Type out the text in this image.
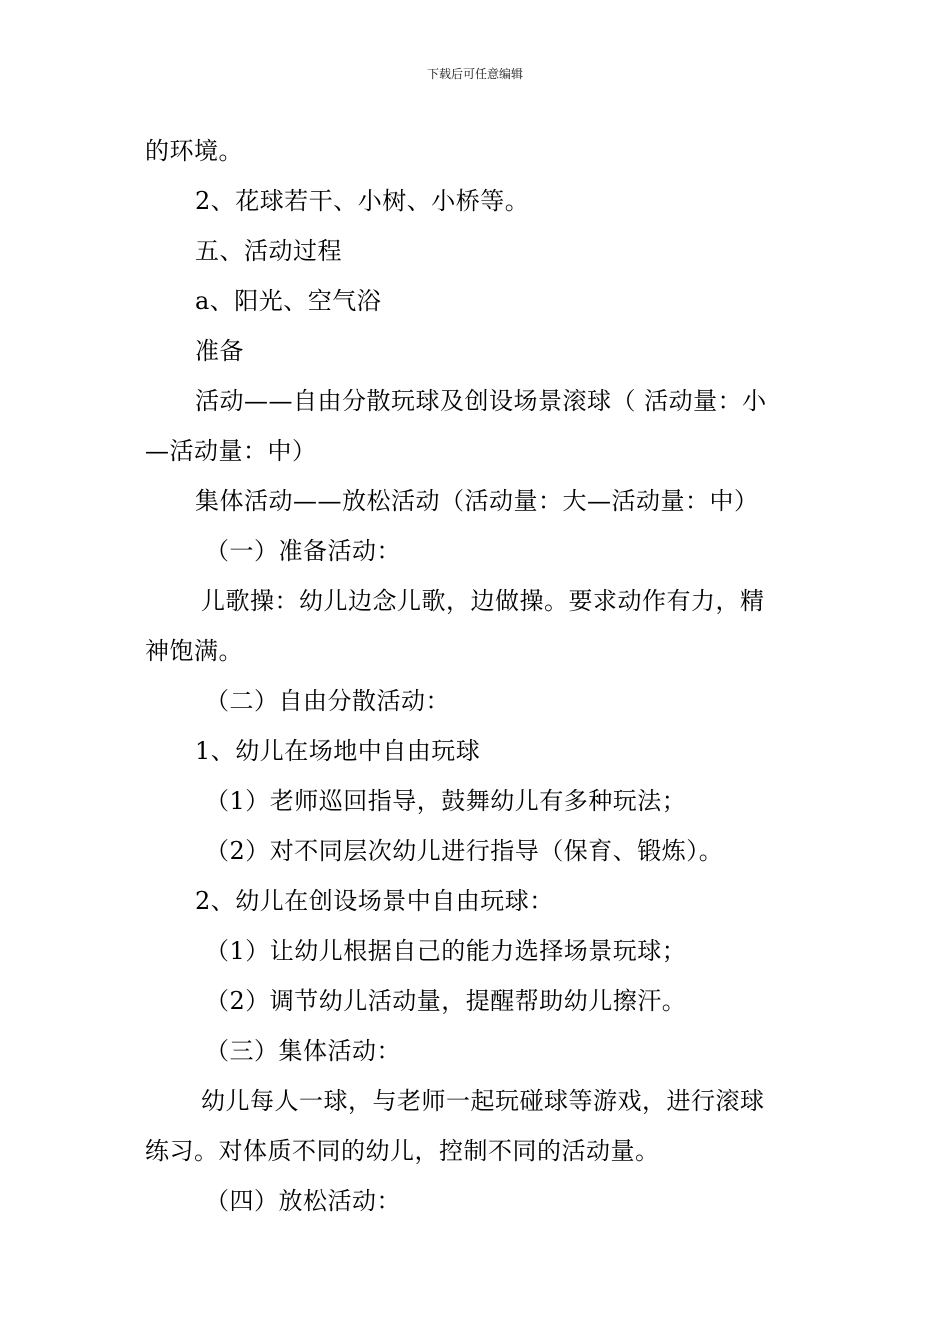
下载后可任意编辑
的环境。
2、花球若干、小树、小桥等。
五、活动过程
a、阳光、空气浴
准备
活动——自由分散玩球及创设场景滚球（ 活动量：小
—活动量：中）
集体活动——放松活动（活动量：大—活动量：中）
（一）准备活动：
儿歌操：幼儿边念儿歌，边做操。要求动作有力，精
神饱满。
（二）自由分散活动：
1、幼儿在场地中自由玩球
（1）老师巡回指导，鼓舞幼儿有多种玩法；
（2）对不同层次幼儿进行指导（保育、锻炼）。
2、幼儿在创设场景中自由玩球：
（1）让幼儿根据自己的能力选择场景玩球；
（2）调节幼儿活动量，提醒帮助幼儿擦汗。
（三）集体活动：
幼儿每人一球，与老师一起玩碰球等游戏，进行滚球
练习。对体质不同的幼儿，控制不同的活动量。
（四）放松活动：
